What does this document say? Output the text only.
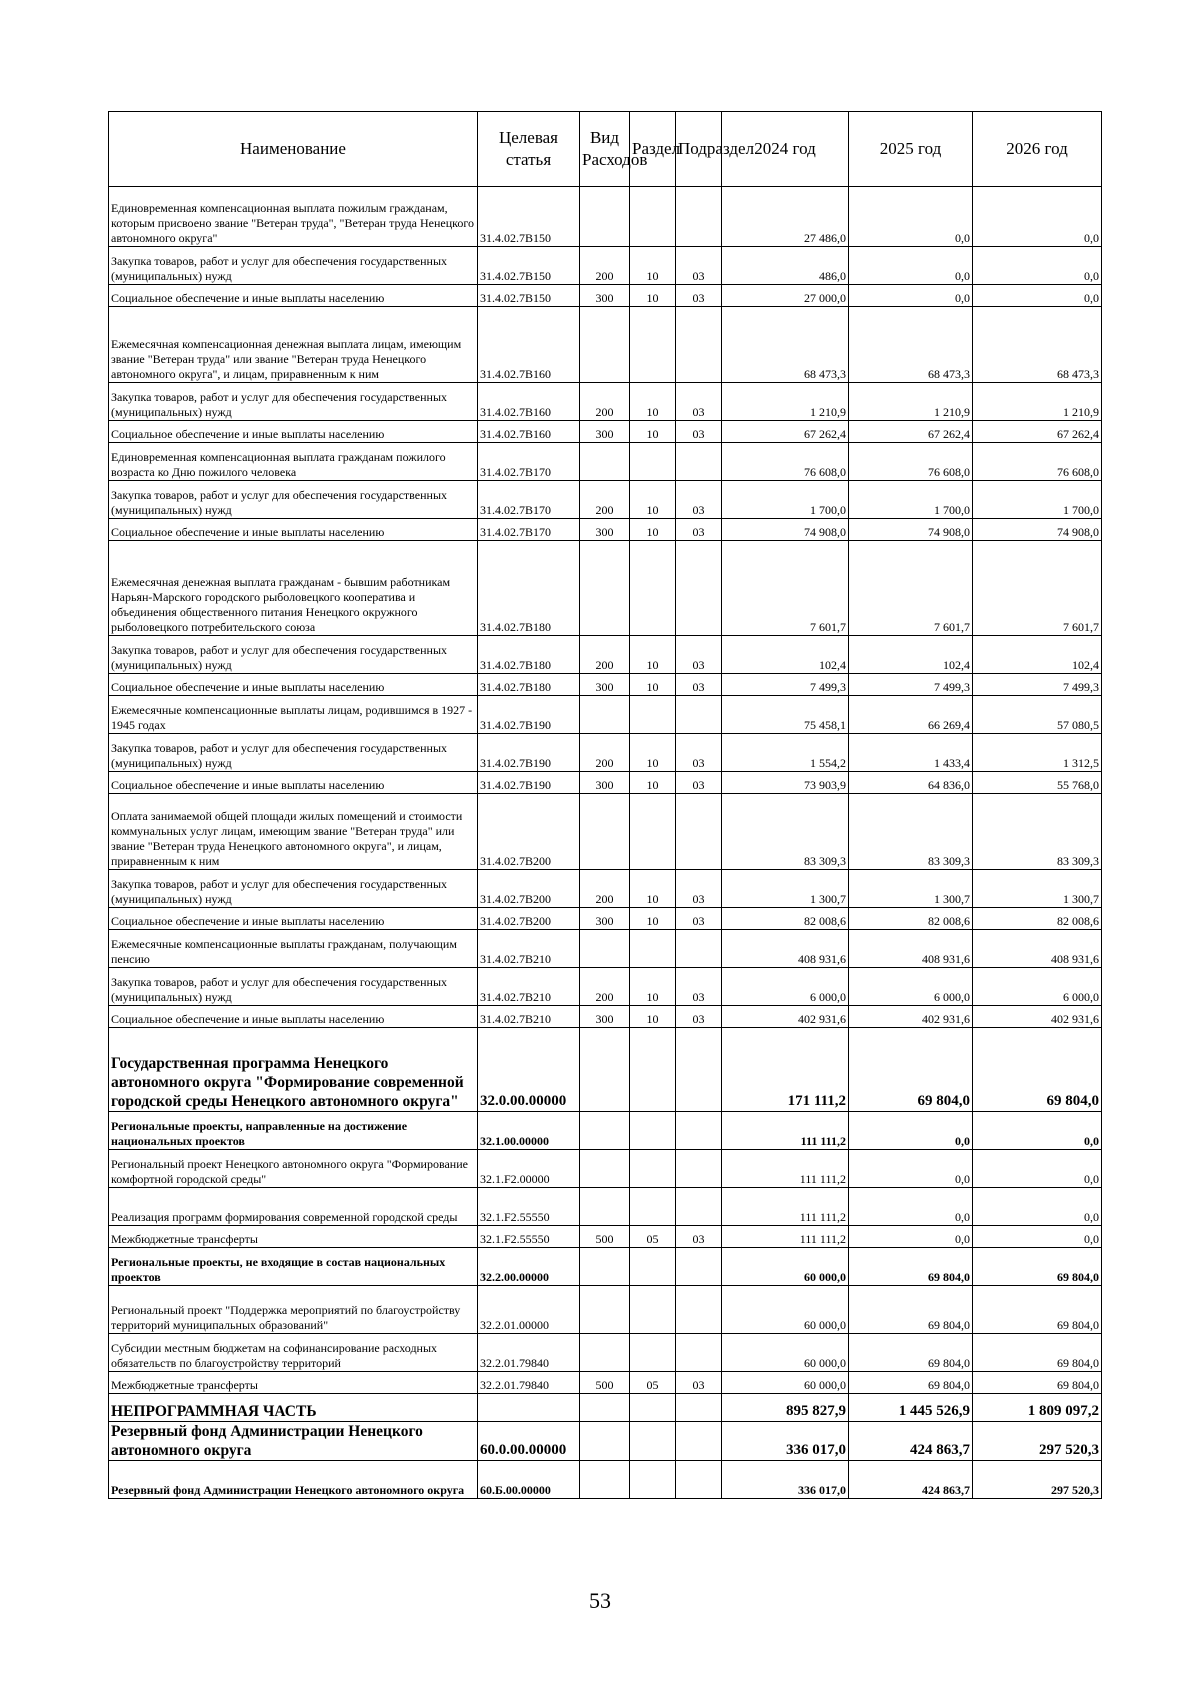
Наименование	Целевая статья	Вид Расходов	Раздел	Подраздел	2024 год	2025 год	2026 год
Единовременная компенсационная выплата пожилым гражданам, которым присвоено звание "Ветеран труда", "Ветеран труда Ненецкого автономного округа"	31.4.02.7В150				27 486,0	0,0	0,0
Закупка товаров, работ и услуг для обеспечения государственных (муниципальных) нужд	31.4.02.7В150	200	10	03	486,0	0,0	0,0
Социальное обеспечение и иные выплаты населению	31.4.02.7В150	300	10	03	27 000,0	0,0	0,0
Ежемесячная компенсационная денежная выплата лицам, имеющим звание "Ветеран труда" или звание "Ветеран труда Ненецкого автономного округа", и лицам, приравненным к ним	31.4.02.7В160				68 473,3	68 473,3	68 473,3
Закупка товаров, работ и услуг для обеспечения государственных (муниципальных) нужд	31.4.02.7В160	200	10	03	1 210,9	1 210,9	1 210,9
Социальное обеспечение и иные выплаты населению	31.4.02.7В160	300	10	03	67 262,4	67 262,4	67 262,4
Единовременная компенсационная выплата гражданам пожилого возраста ко Дню пожилого человека	31.4.02.7В170				76 608,0	76 608,0	76 608,0
Закупка товаров, работ и услуг для обеспечения государственных (муниципальных) нужд	31.4.02.7В170	200	10	03	1 700,0	1 700,0	1 700,0
Социальное обеспечение и иные выплаты населению	31.4.02.7В170	300	10	03	74 908,0	74 908,0	74 908,0
Ежемесячная денежная выплата гражданам - бывшим работникам Нарьян-Марского городского рыболовецкого кооператива и объединения общественного питания Ненецкого окружного рыболовецкого потребительского союза	31.4.02.7В180				7 601,7	7 601,7	7 601,7
Закупка товаров, работ и услуг для обеспечения государственных (муниципальных) нужд	31.4.02.7В180	200	10	03	102,4	102,4	102,4
Социальное обеспечение и иные выплаты населению	31.4.02.7В180	300	10	03	7 499,3	7 499,3	7 499,3
Ежемесячные компенсационные выплаты лицам, родившимся в 1927 - 1945 годах	31.4.02.7В190				75 458,1	66 269,4	57 080,5
Закупка товаров, работ и услуг для обеспечения государственных (муниципальных) нужд	31.4.02.7В190	200	10	03	1 554,2	1 433,4	1 312,5
Социальное обеспечение и иные выплаты населению	31.4.02.7В190	300	10	03	73 903,9	64 836,0	55 768,0
Оплата занимаемой общей площади жилых помещений и стоимости коммунальных услуг лицам, имеющим звание "Ветеран труда" или звание "Ветеран труда Ненецкого автономного округа", и лицам, приравненным к ним	31.4.02.7В200				83 309,3	83 309,3	83 309,3
Закупка товаров, работ и услуг для обеспечения государственных (муниципальных) нужд	31.4.02.7В200	200	10	03	1 300,7	1 300,7	1 300,7
Социальное обеспечение и иные выплаты населению	31.4.02.7В200	300	10	03	82 008,6	82 008,6	82 008,6
Ежемесячные компенсационные выплаты гражданам, получающим пенсию	31.4.02.7В210				408 931,6	408 931,6	408 931,6
Закупка товаров, работ и услуг для обеспечения государственных (муниципальных) нужд	31.4.02.7В210	200	10	03	6 000,0	6 000,0	6 000,0
Социальное обеспечение и иные выплаты населению	31.4.02.7В210	300	10	03	402 931,6	402 931,6	402 931,6
Государственная программа Ненецкого автономного округа "Формирование современной городской среды Ненецкого автономного округа"	32.0.00.00000				171 111,2	69 804,0	69 804,0
Региональные проекты, направленные на достижение национальных проектов	32.1.00.00000				111 111,2	0,0	0,0
Региональный проект Ненецкого автономного округа "Формирование комфортной городской среды"	32.1.F2.00000				111 111,2	0,0	0,0
Реализация программ формирования современной городской среды	32.1.F2.55550				111 111,2	0,0	0,0
Межбюджетные трансферты	32.1.F2.55550	500	05	03	111 111,2	0,0	0,0
Региональные проекты, не входящие в состав национальных проектов	32.2.00.00000				60 000,0	69 804,0	69 804,0
Региональный проект "Поддержка мероприятий по благоустройству территорий муниципальных образований"	32.2.01.00000				60 000,0	69 804,0	69 804,0
Субсидии местным бюджетам на софинансирование расходных обязательств по благоустройству территорий	32.2.01.79840				60 000,0	69 804,0	69 804,0
Межбюджетные трансферты	32.2.01.79840	500	05	03	60 000,0	69 804,0	69 804,0
НЕПРОГРАММНАЯ ЧАСТЬ					895 827,9	1 445 526,9	1 809 097,2
Резервный фонд Администрации Ненецкого автономного округа	60.0.00.00000				336 017,0	424 863,7	297 520,3
Резервный фонд Администрации Ненецкого автономного округа	60.Б.00.00000				336 017,0	424 863,7	297 520,3
53
